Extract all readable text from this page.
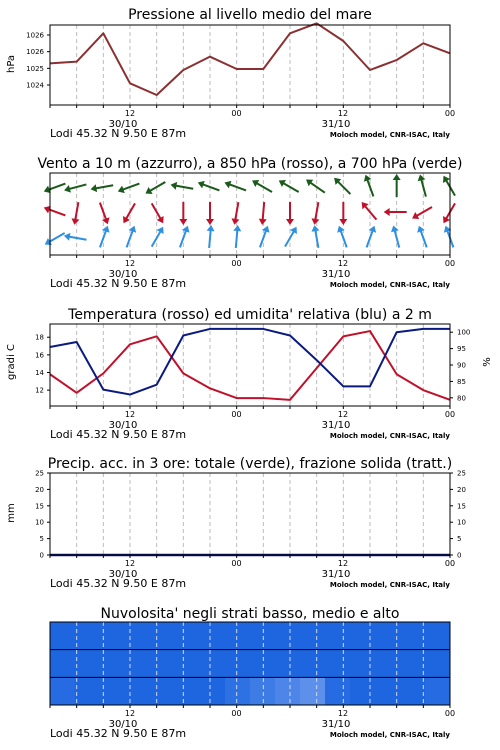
Pressione al livello medio del mare
hPa
1026
1026
1025
1024
12	00	12	00
30/10	31/10
Lodi 45.32 N 9.50 E 87m	Moloch model, CNR-ISAC, Italy
Vento a 10 m (azzurro), a 850 hPa (rosso), a 700 hPa (verde)
12	00	12	00
30/10	31/10
Lodi 45.32 N 9.50 E 87m	Moloch model, CNR-ISAC, Italy
Temperatura (rosso) ed umidita' relativa (blu) a 2 m
gradi C	%
18
16
14
12
100
95
90
85
80
12	00	12	00
30/10	31/10
Lodi 45.32 N 9.50 E 87m	Moloch model, CNR-ISAC, Italy
Precip. acc. in 3 ore: totale (verde), frazione solida (tratt.)
mm
25
20
15
10
5
0
25
20
15
10
5
0
12	00	12	00
30/10	31/10
Lodi 45.32 N 9.50 E 87m	Moloch model, CNR-ISAC, Italy
Nuvolosita' negli strati basso, medio e alto
12	00	12	00
30/10	31/10
Lodi 45.32 N 9.50 E 87m	Moloch model, CNR-ISAC, Italy
